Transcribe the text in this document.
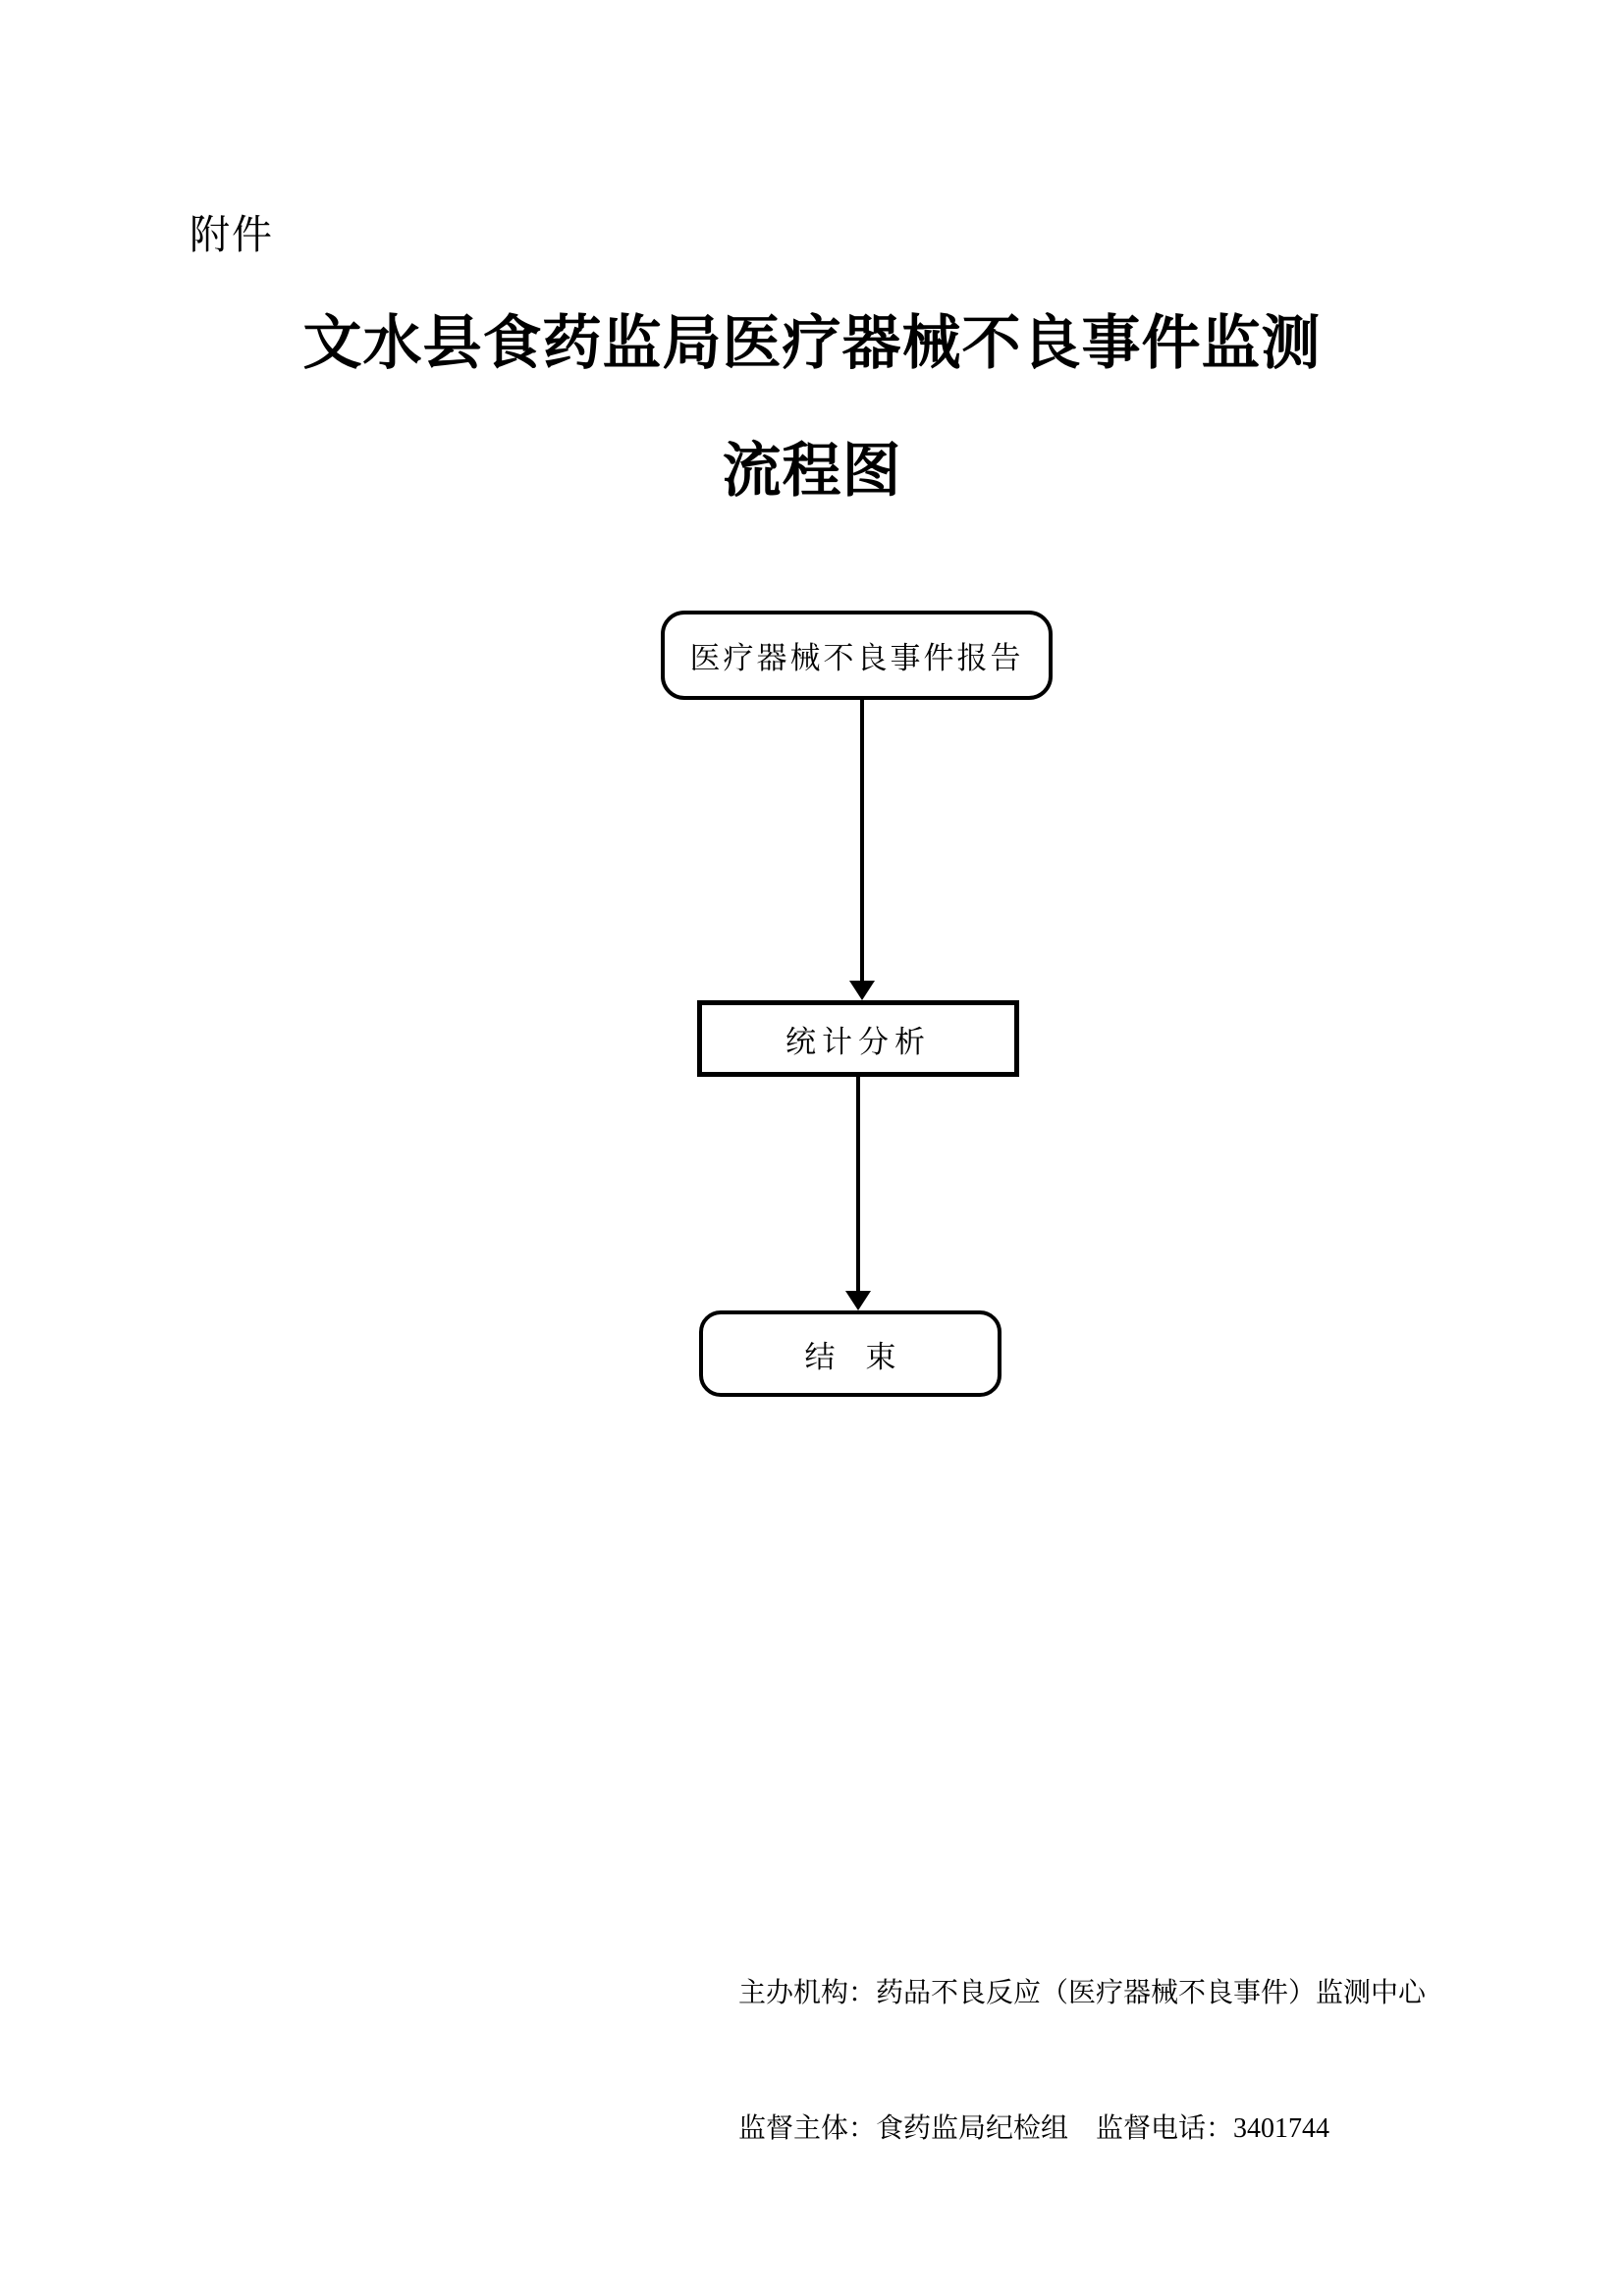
附件
文水县食药监局医疗器械不良事件监测
流程图
医疗器械不良事件报告
统计分析
结　束

主办机构：药品不良反应（医疗器械不良事件）监测中心

监督主体：食药监局纪检组　监督电话：3401744
